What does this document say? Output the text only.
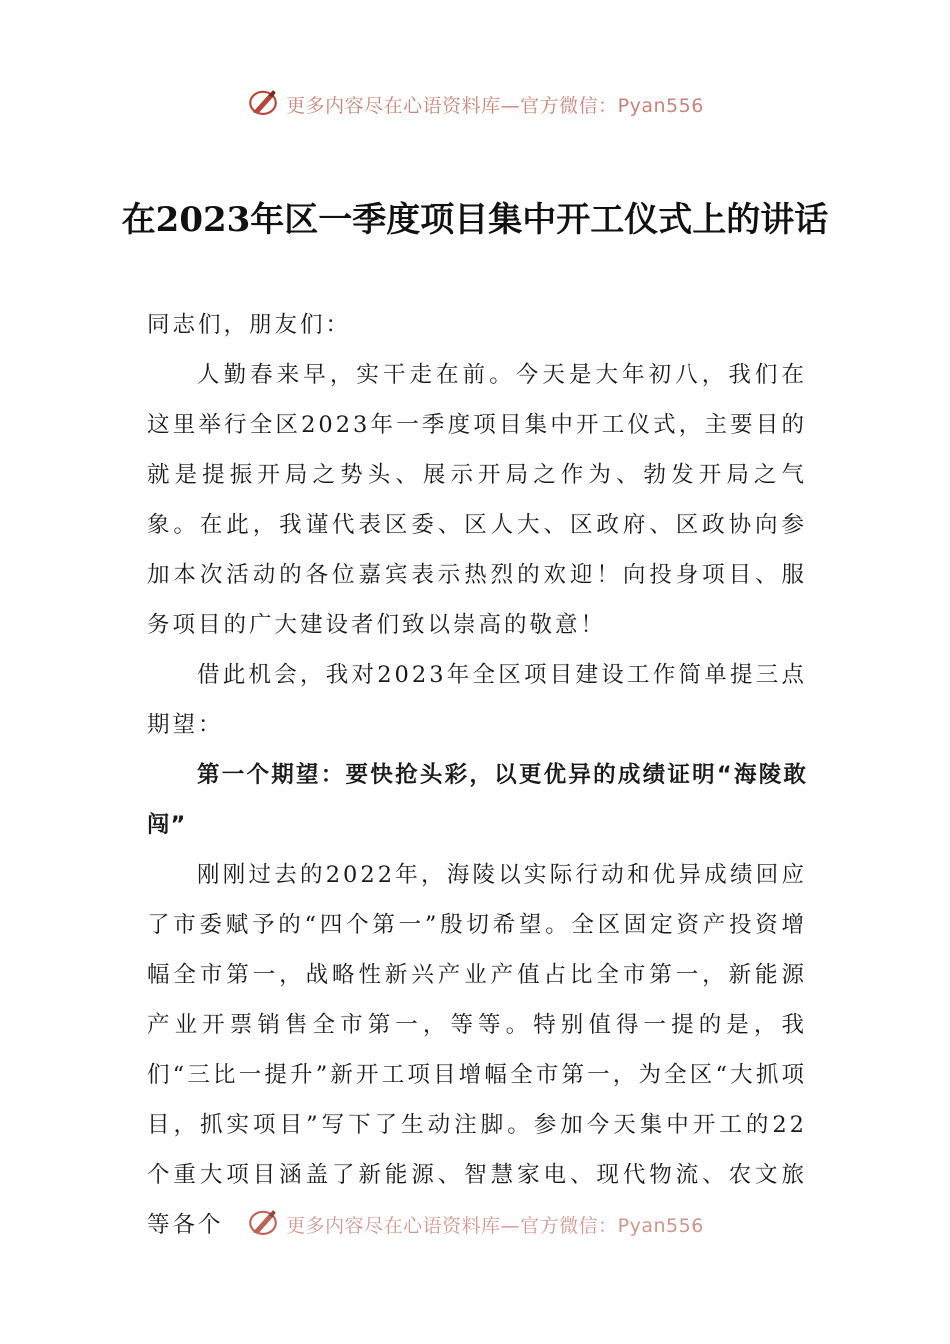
更多内容尽在心语资料库—官方微信：Pyan556
在2023年区一季度项目集中开工仪式上的讲话

同志们，朋友们：

人勤春来早，实干走在前。今天是大年初八，我们在这里举行全区2023年一季度项目集中开工仪式，主要目的就是提振开局之势头、展示开局之作为、勃发开局之气象。在此，我谨代表区委、区人大、区政府、区政协向参加本次活动的各位嘉宾表示热烈的欢迎！向投身项目、服务项目的广大建设者们致以崇高的敬意！

借此机会，我对2023年全区项目建设工作简单提三点期望：

第一个期望：要快抢头彩，以更优异的成绩证明“海陵敢闯”

刚刚过去的2022年，海陵以实际行动和优异成绩回应了市委赋予的“四个第一”殷切希望。全区固定资产投资增幅全市第一，战略性新兴产业产值占比全市第一，新能源产业开票销售全市第一，等等。特别值得一提的是，我们“三比一提升”新开工项目增幅全市第一，为全区“大抓项目，抓实项目”写下了生动注脚。参加今天集中开工的22个重大项目涵盖了新能源、智慧家电、现代物流、农文旅等各个	更多内容尽在心语资料库—官方微信：Pyan556
